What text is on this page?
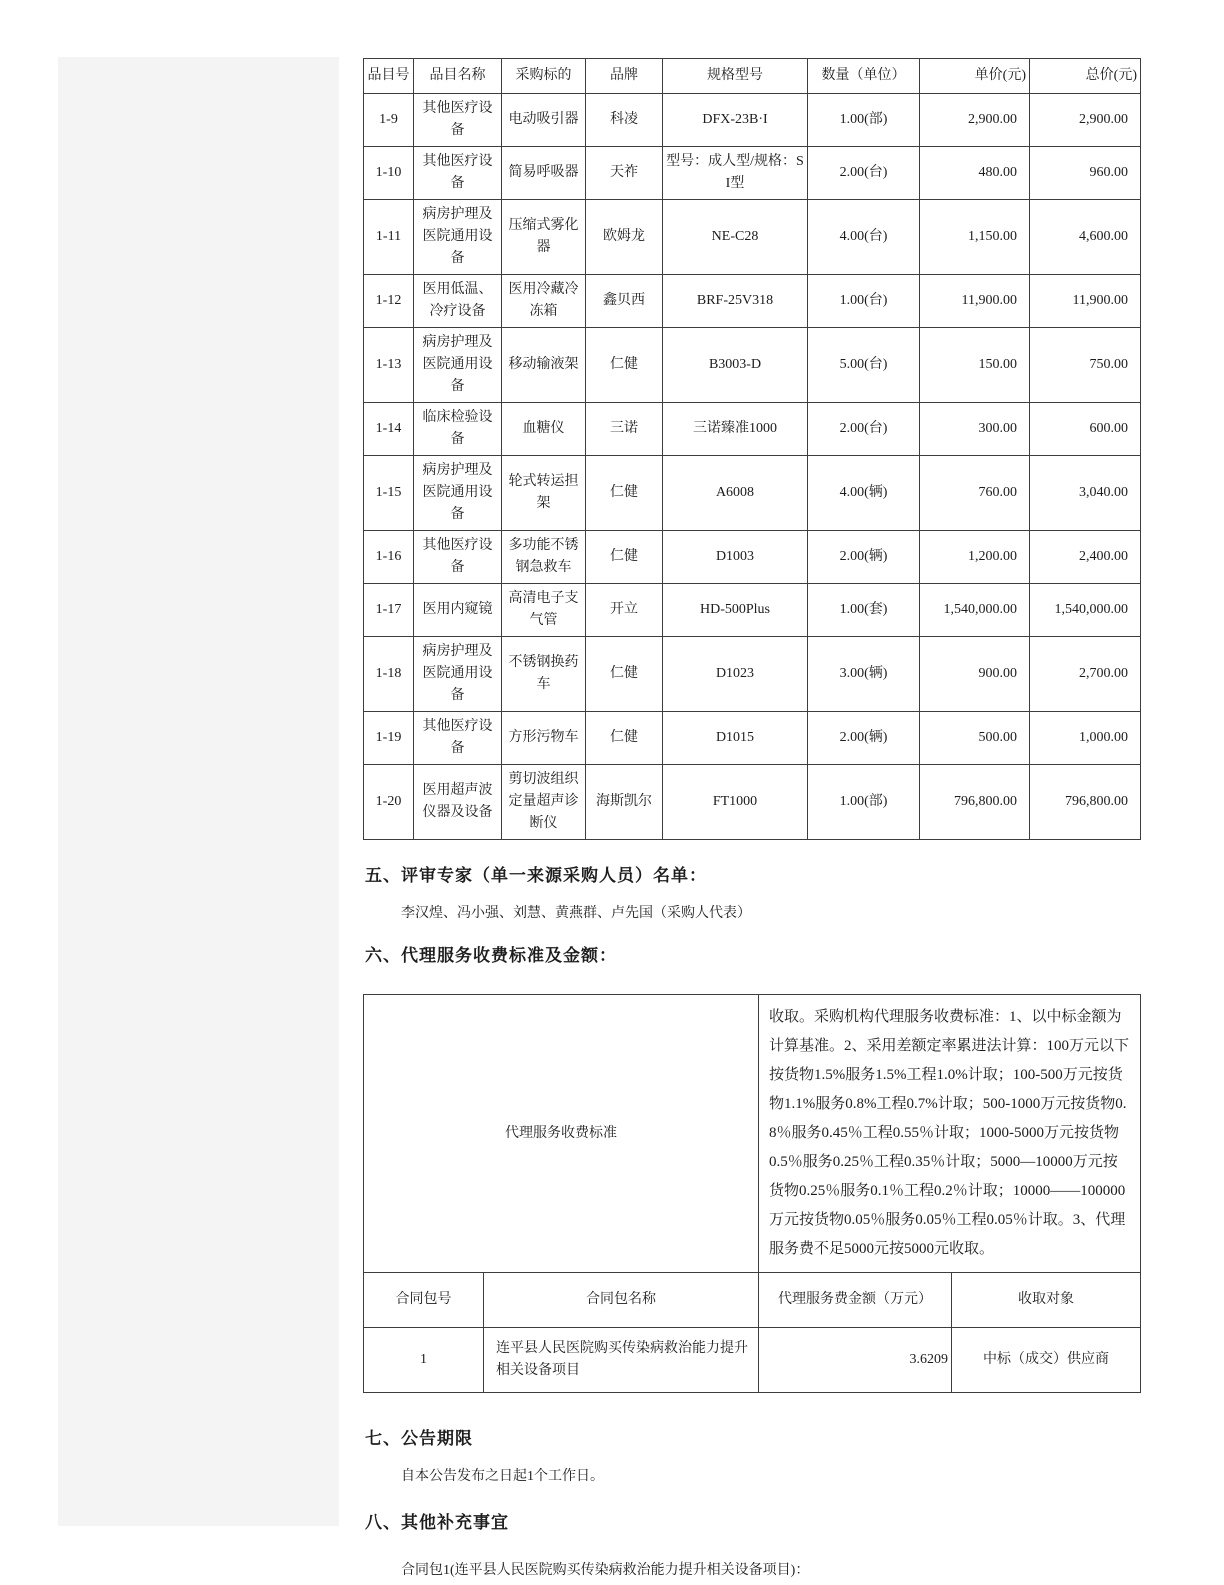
品目号	品目名称	采购标的	品牌	规格型号	数量（单位）	单价(元)	总价(元)
1-9	其他医疗设备	电动吸引器	科凌	DFX-23B·I	1.00(部)	2,900.00	2,900.00
1-10	其他医疗设备	简易呼吸器	天祚	型号：成人型/规格：SI型	2.00(台)	480.00	960.00
1-11	病房护理及医院通用设备	压缩式雾化器	欧姆龙	NE-C28	4.00(台)	1,150.00	4,600.00
1-12	医用低温、冷疗设备	医用冷藏冷冻箱	鑫贝西	BRF-25V318	1.00(台)	11,900.00	11,900.00
1-13	病房护理及医院通用设备	移动输液架	仁健	B3003-D	5.00(台)	150.00	750.00
1-14	临床检验设备	血糖仪	三诺	三诺臻准1000	2.00(台)	300.00	600.00
1-15	病房护理及医院通用设备	轮式转运担架	仁健	A6008	4.00(辆)	760.00	3,040.00
1-16	其他医疗设备	多功能不锈钢急救车	仁健	D1003	2.00(辆)	1,200.00	2,400.00
1-17	医用内窥镜	高清电子支气管	开立	HD-500Plus	1.00(套)	1,540,000.00	1,540,000.00
1-18	病房护理及医院通用设备	不锈钢换药车	仁健	D1023	3.00(辆)	900.00	2,700.00
1-19	其他医疗设备	方形污物车	仁健	D1015	2.00(辆)	500.00	1,000.00
1-20	医用超声波仪器及设备	剪切波组织定量超声诊断仪	海斯凯尔	FT1000	1.00(部)	796,800.00	796,800.00
五、评审专家（单一来源采购人员）名单：

李汉煌、冯小强、刘慧、黄燕群、卢先国（采购人代表）

六、代理服务收费标准及金额：
代理服务收费标准		收取。采购机构代理服务收费标准：1、以中标金额为计算基准。2、采用差额定率累进法计算：100万元以下按货物1.5%服务1.5%工程1.0%计取；100-500万元按货物1.1%服务0.8%工程0.7%计取；500-1000万元按货物0.8％服务0.45％工程0.55％计取；1000-5000万元按货物0.5％服务0.25％工程0.35％计取；5000—10000万元按货物0.25％服务0.1％工程0.2％计取；10000——100000万元按货物0.05％服务0.05％工程0.05％计取。3、代理服务费不足5000元按5000元收取。	
合同包号	合同包名称	代理服务费金额（万元）	收取对象
1	连平县人民医院购买传染病救治能力提升相关设备项目	3.6209	中标（成交）供应商
七、公告期限

自本公告发布之日起1个工作日。

八、其他补充事宜

合同包1(连平县人民医院购买传染病救治能力提升相关设备项目)：
